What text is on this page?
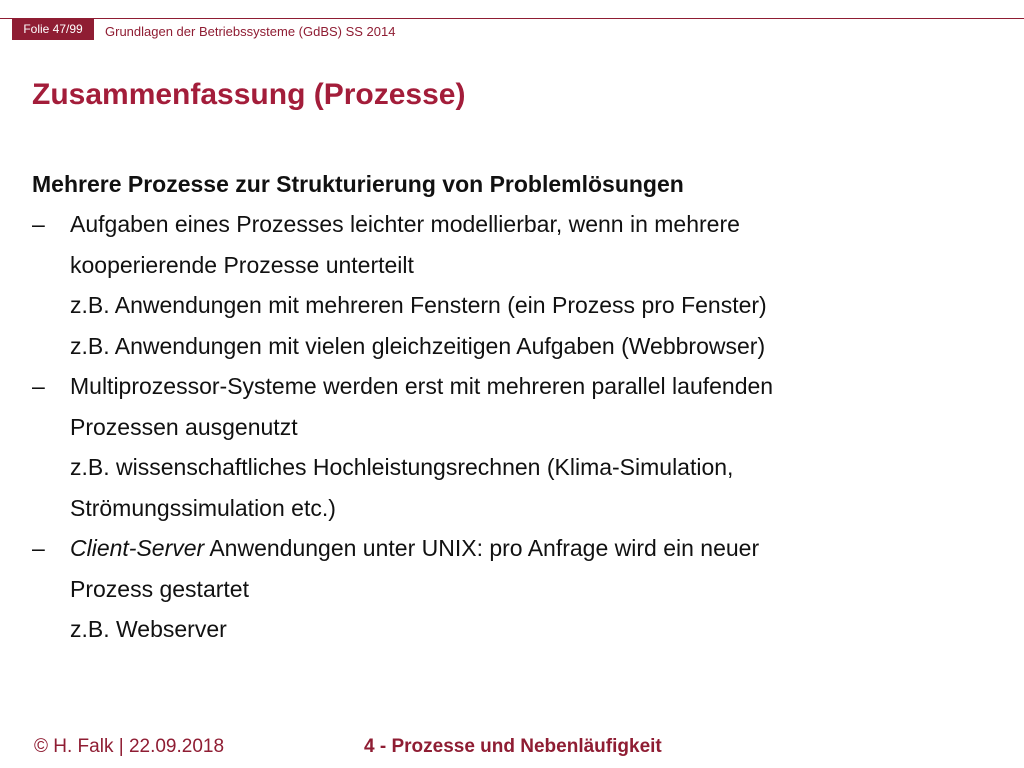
Folie 47/99	Grundlagen der Betriebssysteme (GdBS) SS 2014
Zusammenfassung (Prozesse)
Mehrere Prozesse zur Strukturierung von Problemlösungen
– Aufgaben eines Prozesses leichter modellierbar, wenn in mehrere
kooperierende Prozesse unterteilt
z.B. Anwendungen mit mehreren Fenstern (ein Prozess pro Fenster)
z.B. Anwendungen mit vielen gleichzeitigen Aufgaben (Webbrowser)
– Multiprozessor-Systeme werden erst mit mehreren parallel laufenden
Prozessen ausgenutzt
z.B. wissenschaftliches Hochleistungsrechnen (Klima-Simulation,
Strömungssimulation etc.)
– Client-Server Anwendungen unter UNIX: pro Anfrage wird ein neuer
Prozess gestartet
z.B. Webserver
© H. Falk | 22.09.2018	4 - Prozesse und Nebenläufigkeit
